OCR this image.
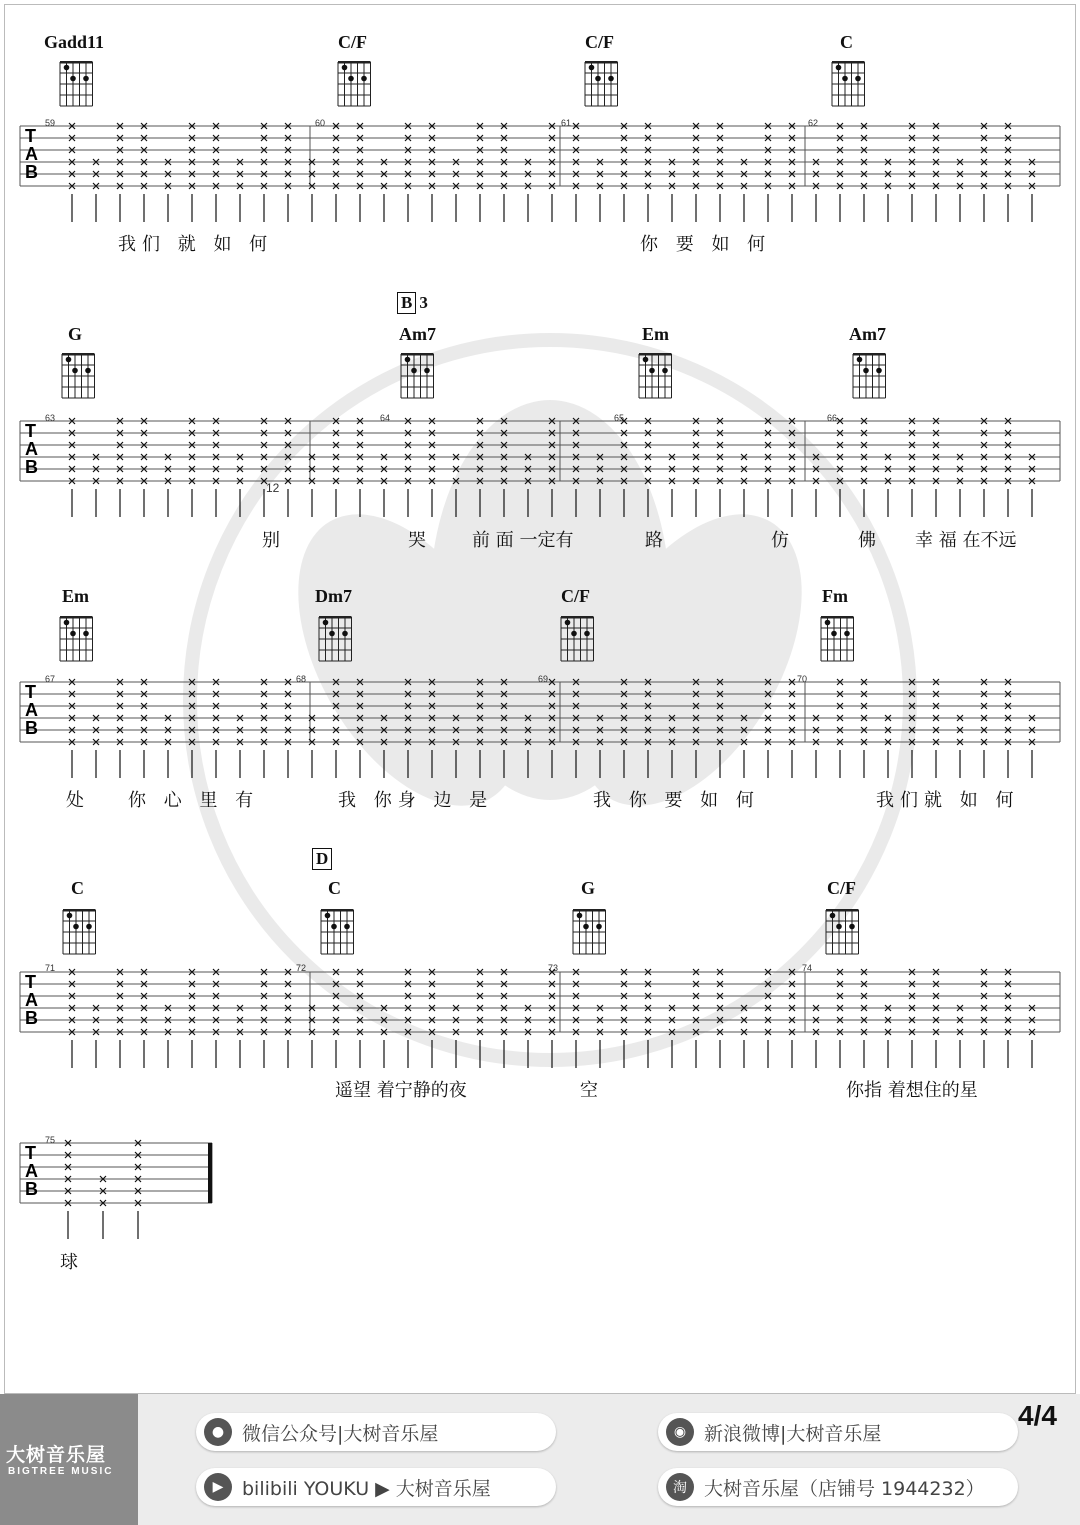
Gadd11	C/F	C/F	C
59	60	61	62
我们 就 如 何	你 要 如 何
B 3
G	Am7	Em	Am7
63	64	65	66
12
别	哭	前 面 一定有	路	仿	佛 幸 福 在不远
Em	Dm7	C/F	Fm
67	68	69	70
处 你 心 里 有	我 你身 边 是	我 你 要 如 何	我们就 如 何
D
C	C	G	C/F
71	72	73	74
遥望 着宁静的夜	空	你指 着想住的星
75
球
大树音乐屋
BIGTREE MUSIC
● 微信公众号|大树音乐屋
▶ bilibili YOUKU ▶ 大树音乐屋
◉ 新浪微博|大树音乐屋
淘 大树音乐屋（店铺号 1944232）
4/4
T
A
B
T
A
B
T
A
B
T
A
B
T
A
B
